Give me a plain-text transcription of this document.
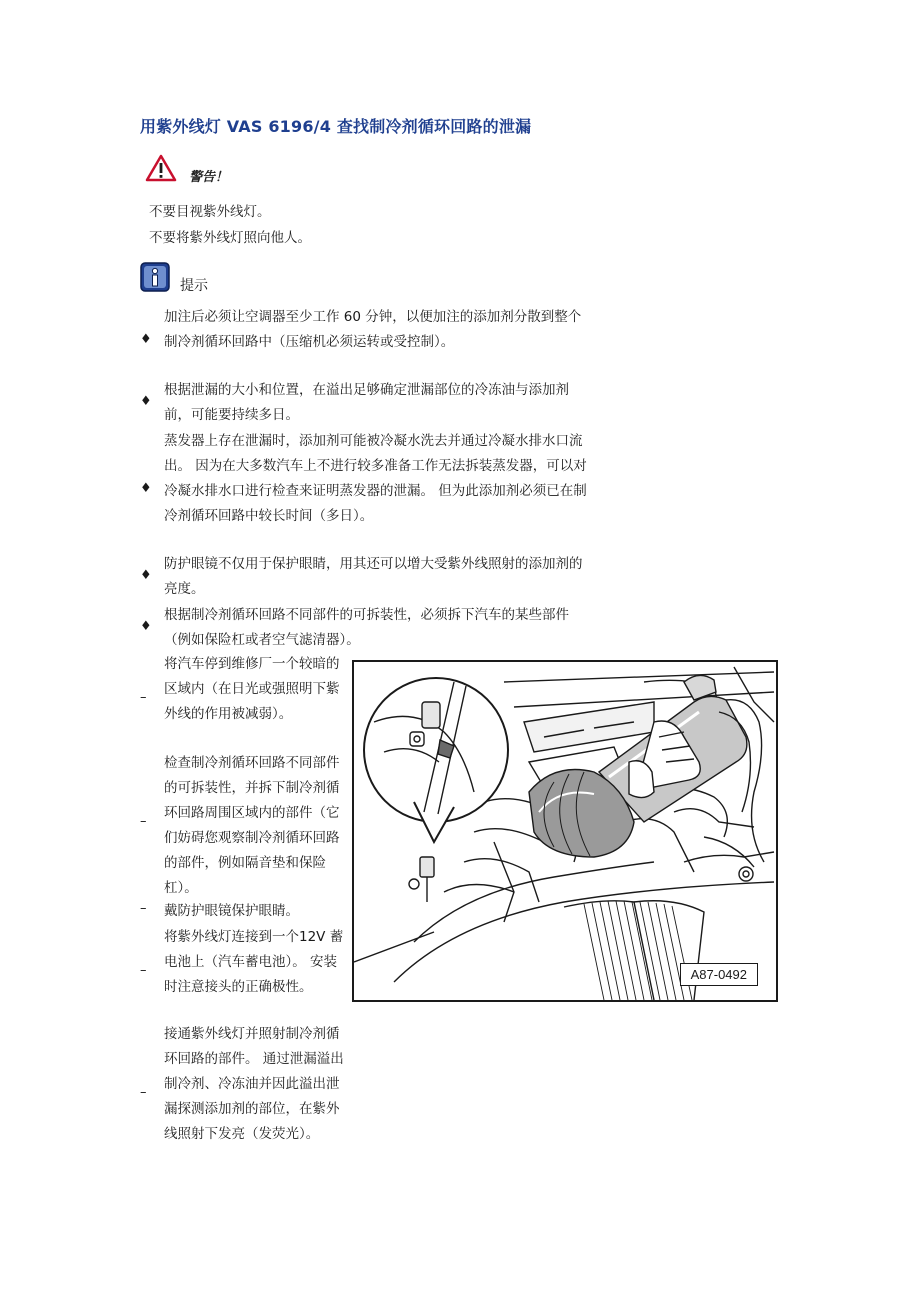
用紫外线灯 VAS 6196/4 查找制冷剂循环回路的泄漏
警告！
不要目视紫外线灯。
不要将紫外线灯照向他人。
提示
♦
加注后必须让空调器至少工作 60 分钟，以便加注的添加剂分散到整个制冷剂循环回路中（压缩机必须运转或受控制）。
♦
根据泄漏的大小和位置，在溢出足够确定泄漏部位的冷冻油与添加剂前，可能要持续多日。
♦
蒸发器上存在泄漏时，添加剂可能被冷凝水洗去并通过冷凝水排水口流出。 因为在大多数汽车上不进行较多准备工作无法拆装蒸发器，可以对冷凝水排水口进行检查来证明蒸发器的泄漏。 但为此添加剂必须已在制冷剂循环回路中较长时间（多日）。
♦
防护眼镜不仅用于保护眼睛，用其还可以增大受紫外线照射的添加剂的亮度。
♦
根据制冷剂循环回路不同部件的可拆装性，必须拆下汽车的某些部件（例如保险杠或者空气滤清器）。
–
将汽车停到维修厂一个较暗的区域内（在日光或强照明下紫外线的作用被减弱）。
–
检查制冷剂循环回路不同部件的可拆装性，并拆下制冷剂循环回路周围区域内的部件（它们妨碍您观察制冷剂循环回路的部件，例如隔音垫和保险杠）。
– 戴防护眼镜保护眼睛。
–
将紫外线灯连接到一个12V 蓄电池上（汽车蓄电池）。 安装时注意接头的正确极性。
–
接通紫外线灯并照射制冷剂循环回路的部件。 通过泄漏溢出制冷剂、冷冻油并因此溢出泄漏探测添加剂的部位，在紫外线照射下发亮（发荧光）。
A87-0492
